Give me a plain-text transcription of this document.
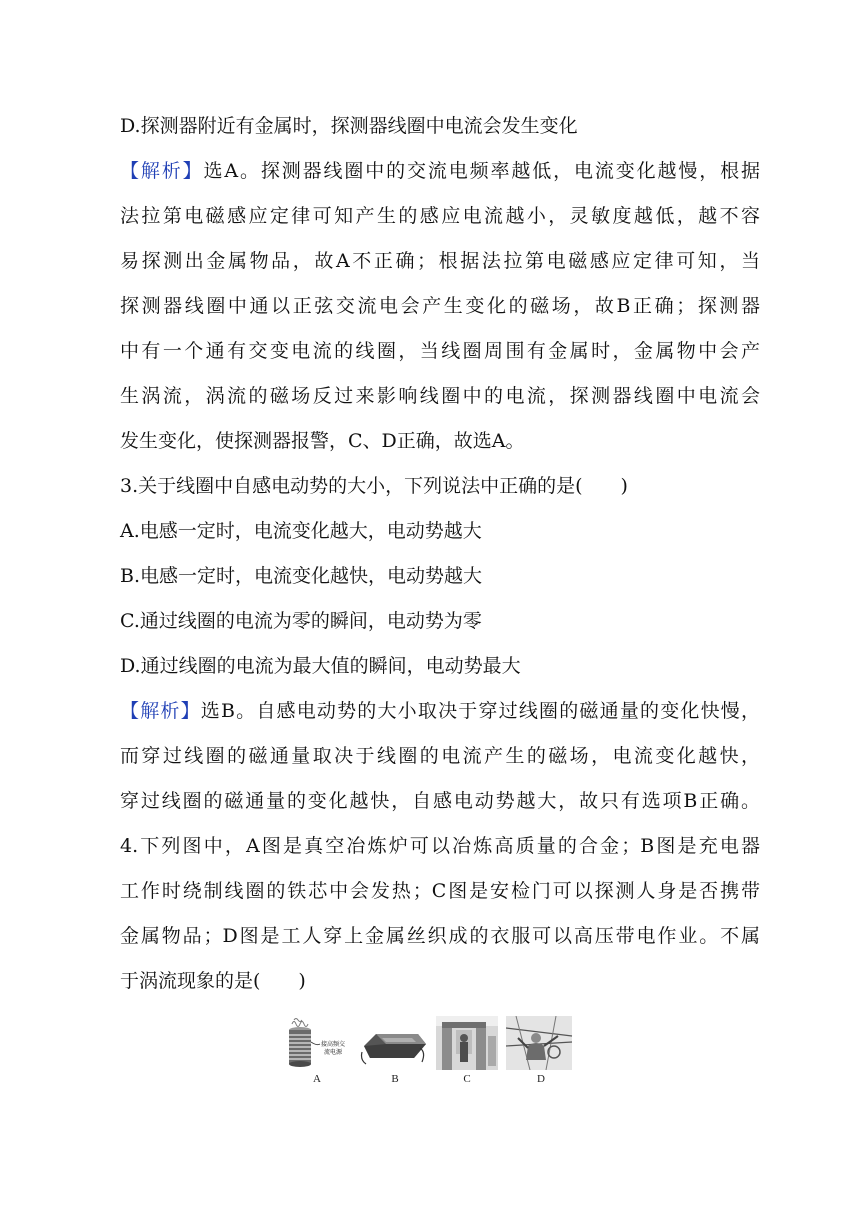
D.探测器附近有金属时，探测器线圈中电流会发生变化
【解析】选A。探测器线圈中的交流电频率越低，电流变化越慢，根据
法拉第电磁感应定律可知产生的感应电流越小，灵敏度越低，越不容
易探测出金属物品，故A不正确；根据法拉第电磁感应定律可知，当
探测器线圈中通以正弦交流电会产生变化的磁场，故B正确；探测器
中有一个通有交变电流的线圈，当线圈周围有金属时，金属物中会产
生涡流，涡流的磁场反过来影响线圈中的电流，探测器线圈中电流会
发生变化，使探测器报警，C、D正确，故选A。
3.关于线圈中自感电动势的大小，下列说法中正确的是(　　)
A.电感一定时，电流变化越大，电动势越大
B.电感一定时，电流变化越快，电动势越大
C.通过线圈的电流为零的瞬间，电动势为零
D.通过线圈的电流为最大值的瞬间，电动势最大
【解析】选B。自感电动势的大小取决于穿过线圈的磁通量的变化快慢，
而穿过线圈的磁通量取决于线圈的电流产生的磁场，电流变化越快，
穿过线圈的磁通量的变化越快，自感电动势越大，故只有选项B正确。
4.下列图中，A图是真空冶炼炉可以冶炼高质量的合金；B图是充电器
工作时绕制线圈的铁芯中会发热；C图是安检门可以探测人身是否携带
金属物品；D图是工人穿上金属丝织成的衣服可以高压带电作业。不属
于涡流现象的是(　　)
接高频交
流电源
A	B	C	D
